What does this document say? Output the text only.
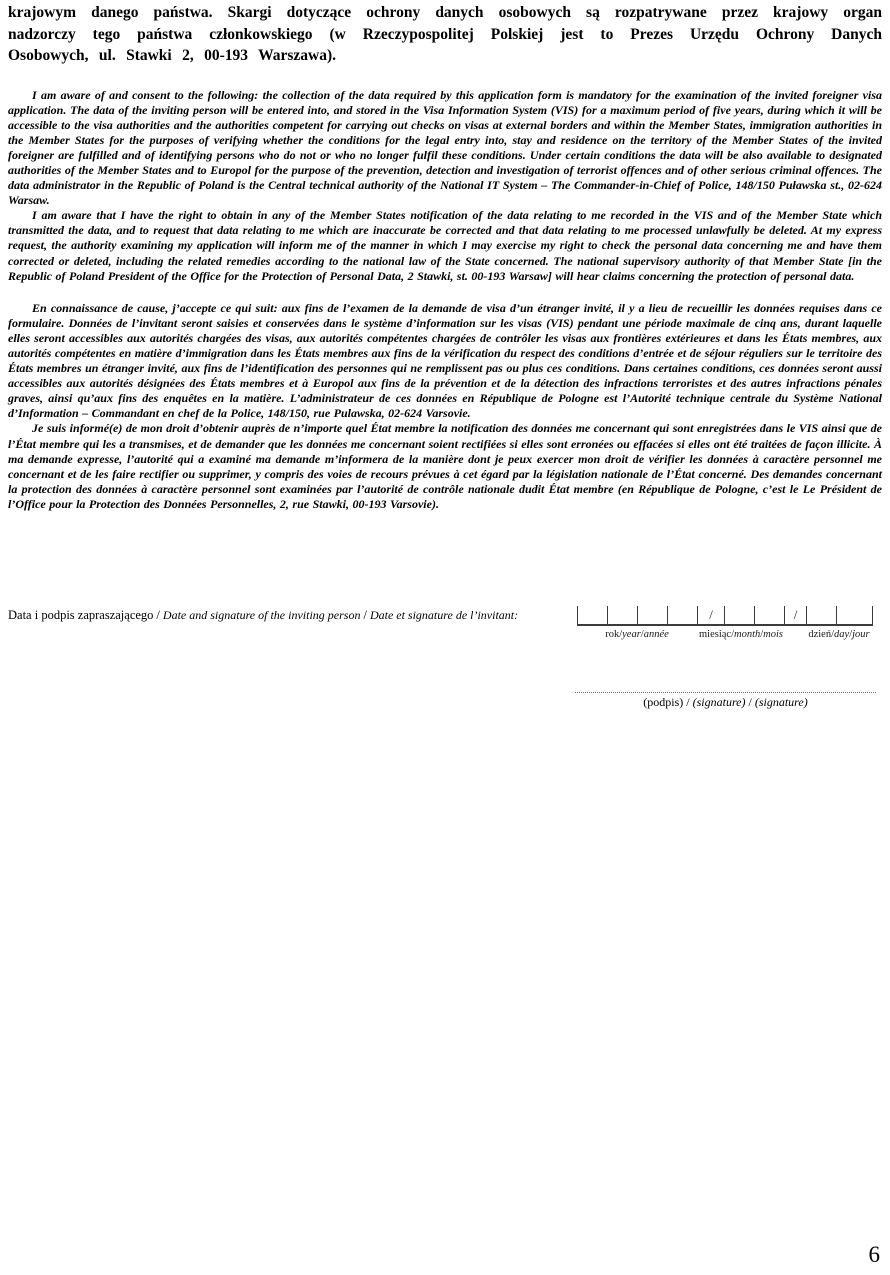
krajowym danego państwa. Skargi dotyczące ochrony danych osobowych są rozpatrywane przez krajowy organ nadzorczy tego państwa członkowskiego (w Rzeczypospolitej Polskiej jest to Prezes Urzędu Ochrony Danych Osobowych, ul. Stawki 2, 00-193 Warszawa).

I am aware of and consent to the following: the collection of the data required by this application form is mandatory for the examination of the invited foreigner visa application. The data of the inviting person will be entered into, and stored in the Visa Information System (VIS) for a maximum period of five years, during which it will be accessible to the visa authorities and the authorities competent for carrying out checks on visas at external borders and within the Member States, immigration authorities in the Member States for the purposes of verifying whether the conditions for the legal entry into, stay and residence on the territory of the Member States of the invited foreigner are fulfilled and of identifying persons who do not or who no longer fulfil these conditions. Under certain conditions the data will be also available to designated authorities of the Member States and to Europol for the purpose of the prevention, detection and investigation of terrorist offences and of other serious criminal offences. The data administrator in the Republic of Poland is the Central technical authority of the National IT System – The Commander-in-Chief of Police, 148/150 Puławska st., 02-624 Warsaw.

I am aware that I have the right to obtain in any of the Member States notification of the data relating to me recorded in the VIS and of the Member State which transmitted the data, and to request that data relating to me which are inaccurate be corrected and that data relating to me processed unlawfully be deleted. At my express request, the authority examining my application will inform me of the manner in which I may exercise my right to check the personal data concerning me and have them corrected or deleted, including the related remedies according to the national law of the State concerned. The national supervisory authority of that Member State [in the Republic of Poland President of the Office for the Protection of Personal Data, 2 Stawki, st. 00-193 Warsaw] will hear claims concerning the protection of personal data.

En connaissance de cause, j’accepte ce qui suit: aux fins de l’examen de la demande de visa d’un étranger invité, il y a lieu de recueillir les données requises dans ce formulaire. Données de l’invitant seront saisies et conservées dans le système d’information sur les visas (VIS) pendant une période maximale de cinq ans, durant laquelle elles seront accessibles aux autorités chargées des visas, aux autorités compétentes chargées de contrôler les visas aux frontières extérieures et dans les États membres, aux autorités compétentes en matière d’immigration dans les États membres aux fins de la vérification du respect des conditions d’entrée et de séjour réguliers sur le territoire des États membres un étranger invité, aux fins de l’identification des personnes qui ne remplissent pas ou plus ces conditions. Dans certaines conditions, ces données seront aussi accessibles aux autorités désignées des États membres et à Europol aux fins de la prévention et de la détection des infractions terroristes et des autres infractions pénales graves, ainsi qu’aux fins des enquêtes en la matière. L’administrateur de ces données en République de Pologne est l’Autorité technique centrale du Système National d’Information – Commandant en chef de la Police, 148/150, rue Pulawska, 02-624 Varsovie.

Je suis informé(e) de mon droit d’obtenir auprès de n’importe quel État membre la notification des données me concernant qui sont enregistrées dans le VIS ainsi que de l’État membre qui les a transmises, et de demander que les données me concernant soient rectifiées si elles sont erronées ou effacées si elles ont été traitées de façon illicite. À ma demande expresse, l’autorité qui a examiné ma demande m’informera de la manière dont je peux exercer mon droit de vérifier les données à caractère personnel me concernant et de les faire rectifier ou supprimer, y compris des voies de recours prévues à cet égard par la législation nationale de l’État concerné. Des demandes concernant la protection des données à caractère personnel sont examinées par l’autorité de contrôle nationale dudit État membre (en République de Pologne, c’est le Le Président de l’Office pour la Protection des Données Personnelles, 2, rue Stawki, 00-193 Varsovie).

Data i podpis zapraszającego / Date and signature of the inviting person / Date et signature de l’invitant:	/	/
rok/year/année	miesiąc/month/mois dzień/day/jour
(podpis) / (signature) / (signature)
6
